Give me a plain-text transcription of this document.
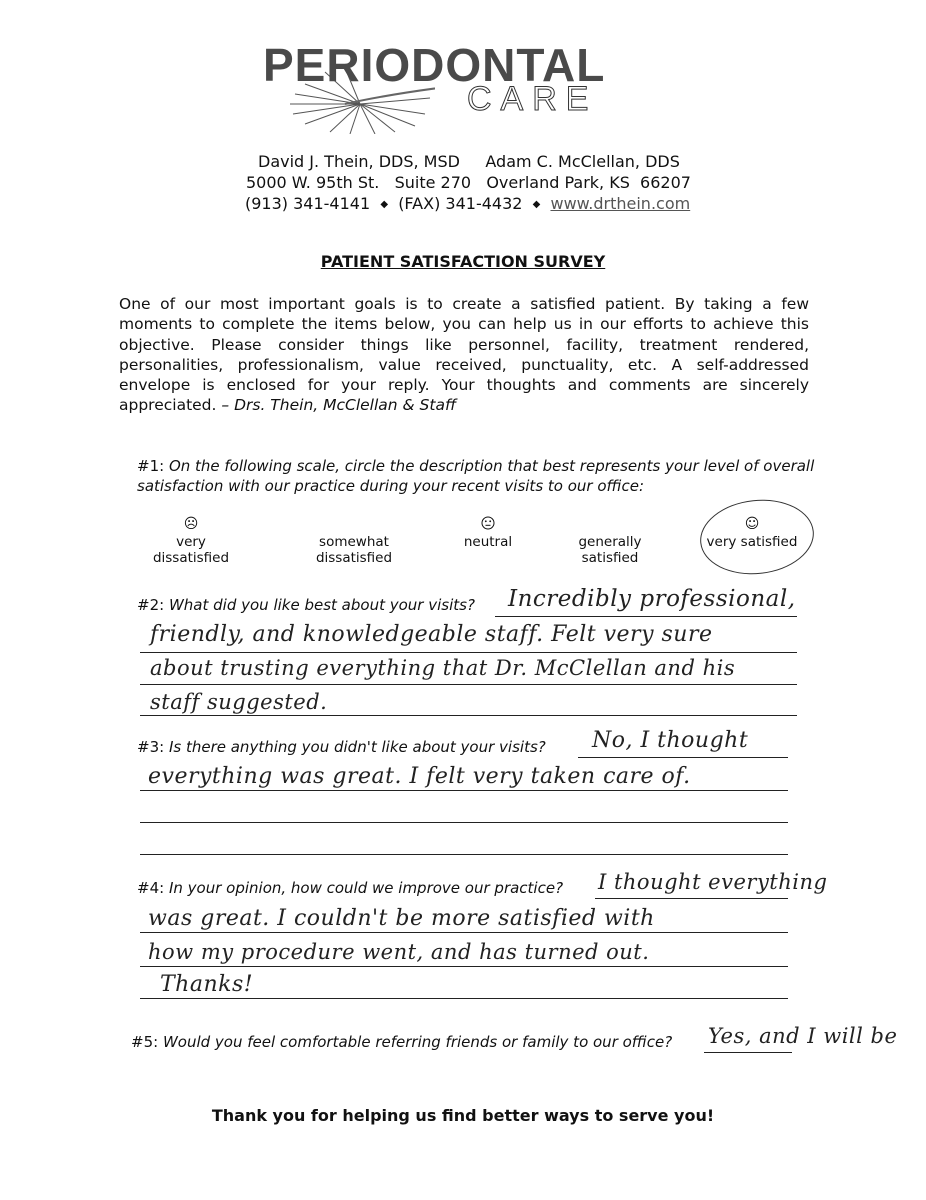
PERIODONTAL
CARE
David J. Thein, DDS, MSD     Adam C. McClellan, DDS
5000 W. 95th St.   Suite 270   Overland Park, KS  66207
(913) 341-4141 ◆ (FAX) 341-4432 ◆ www.drthein.com
PATIENT SATISFACTION SURVEY
One of our most important goals is to create a satisfied patient. By taking a few moments to complete the items below, you can help us in our efforts to achieve this objective. Please consider things like personnel, facility, treatment rendered, personalities, professionalism, value received, punctuality, etc. A self-addressed envelope is enclosed for your reply. Your thoughts and comments are sincerely appreciated. – Drs. Thein, McClellan & Staff
#1: On the following scale, circle the description that best represents your level of overall satisfaction with our practice during your recent visits to our office:
☹
very dissatisfied
somewhat dissatisfied
neutral	generally satisfied
☺
very satisfied
#2: What did you like best about your visits? Incredibly professional,
friendly, and knowledgeable staff. Felt very sure
about trusting everything that Dr. McClellan and his
staff suggested.
#3: Is there anything you didn't like about your visits? No, I thought
everything was great. I felt very taken care of.
#4: In your opinion, how could we improve our practice? I thought everything
was great. I couldn't be more satisfied with
how my procedure went, and has turned out.
Thanks!
#5: Would you feel comfortable referring friends or family to our office? Yes, and I will be
Thank you for helping us find better ways to serve you!
